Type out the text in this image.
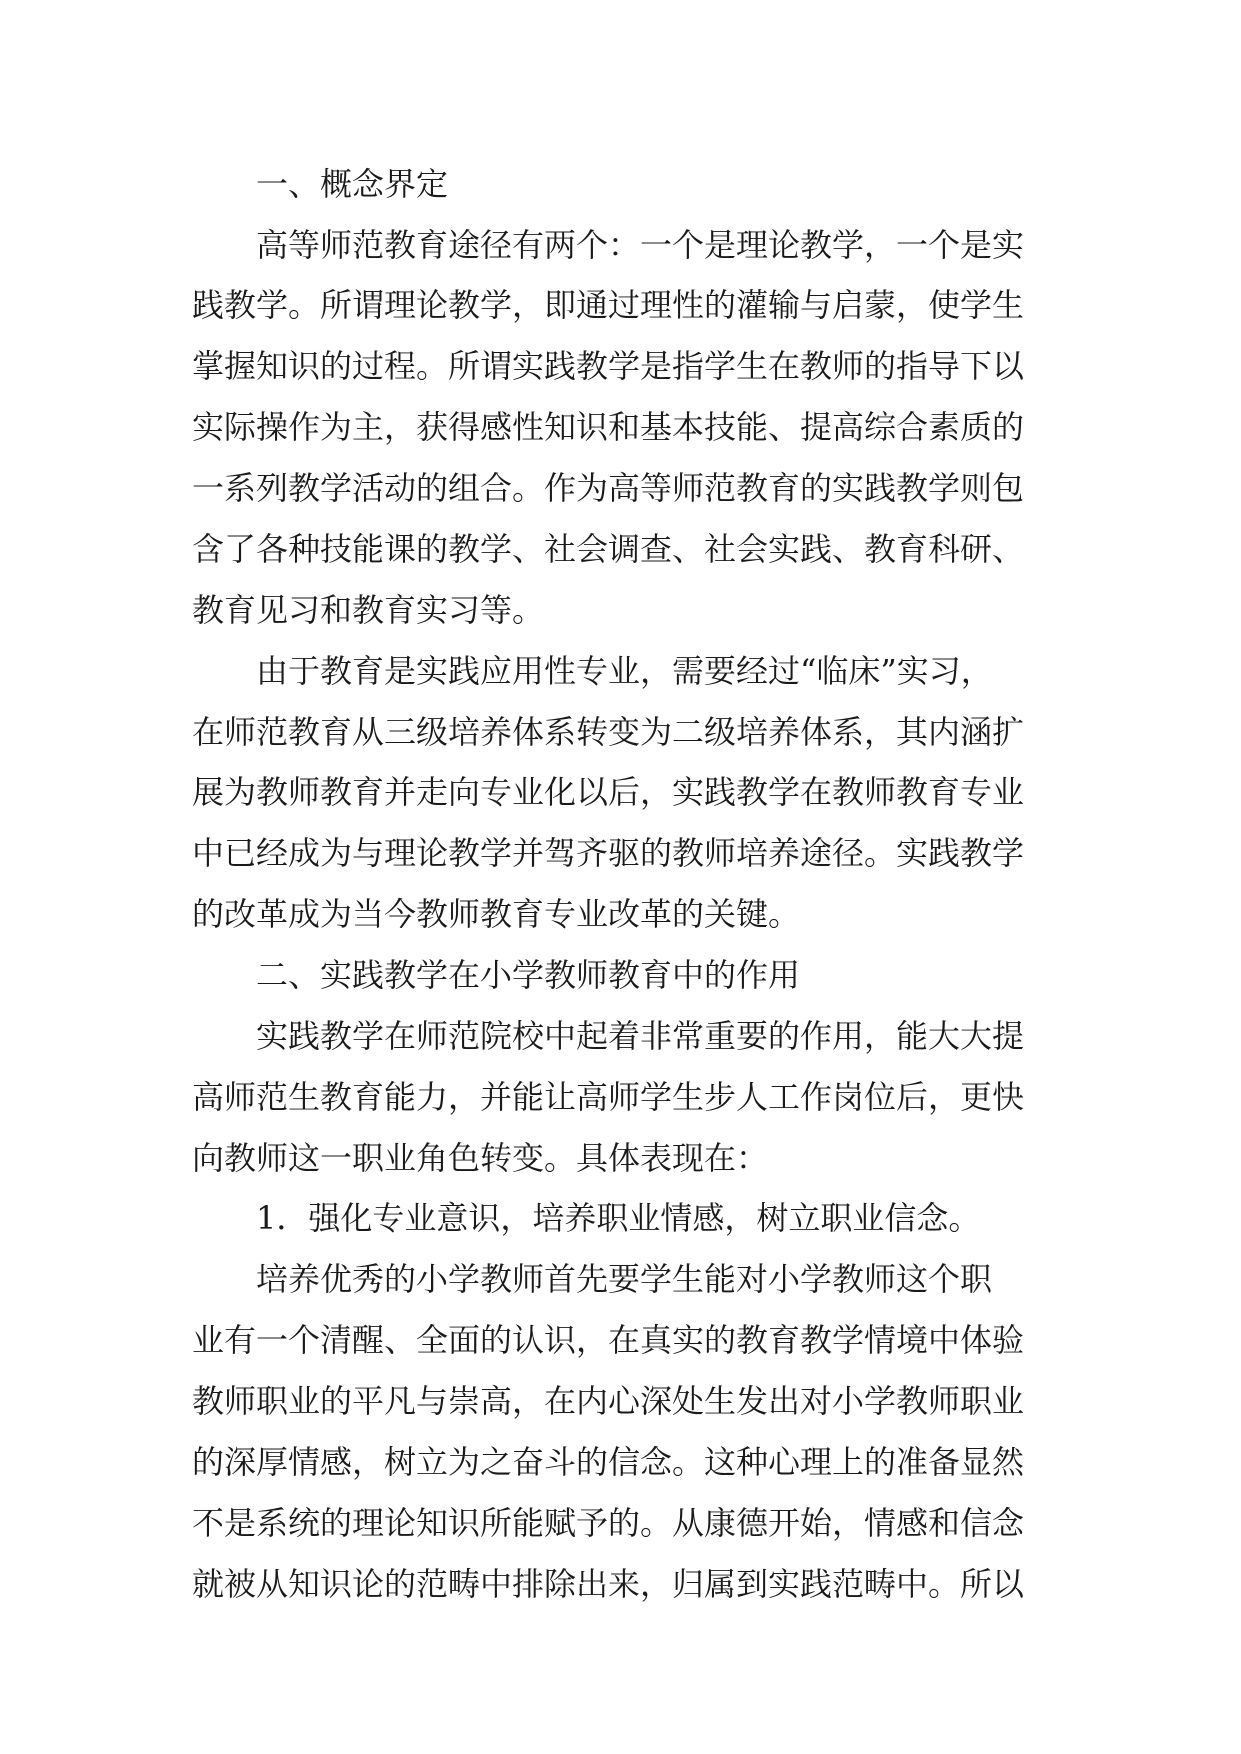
一、概念界定
高等师范教育途径有两个：一个是理论教学，一个是实
践教学。所谓理论教学，即通过理性的灌输与启蒙，使学生
掌握知识的过程。所谓实践教学是指学生在教师的指导下以
实际操作为主，获得感性知识和基本技能、提高综合素质的
一系列教学活动的组合。作为高等师范教育的实践教学则包
含了各种技能课的教学、社会调查、社会实践、教育科研、
教育见习和教育实习等。
由于教育是实践应用性专业，需要经过“临床”实习，
在师范教育从三级培养体系转变为二级培养体系，其内涵扩
展为教师教育并走向专业化以后，实践教学在教师教育专业
中已经成为与理论教学并驾齐驱的教师培养途径。实践教学
的改革成为当今教师教育专业改革的关键。
二、实践教学在小学教师教育中的作用
实践教学在师范院校中起着非常重要的作用，能大大提
高师范生教育能力，并能让高师学生步人工作岗位后，更快
向教师这一职业角色转变。具体表现在：
1．强化专业意识，培养职业情感，树立职业信念。
培养优秀的小学教师首先要学生能对小学教师这个职
业有一个清醒、全面的认识，在真实的教育教学情境中体验
教师职业的平凡与崇高，在内心深处生发出对小学教师职业
的深厚情感，树立为之奋斗的信念。这种心理上的准备显然
不是系统的理论知识所能赋予的。从康德开始，情感和信念
就被从知识论的范畴中排除出来，归属到实践范畴中。所以
